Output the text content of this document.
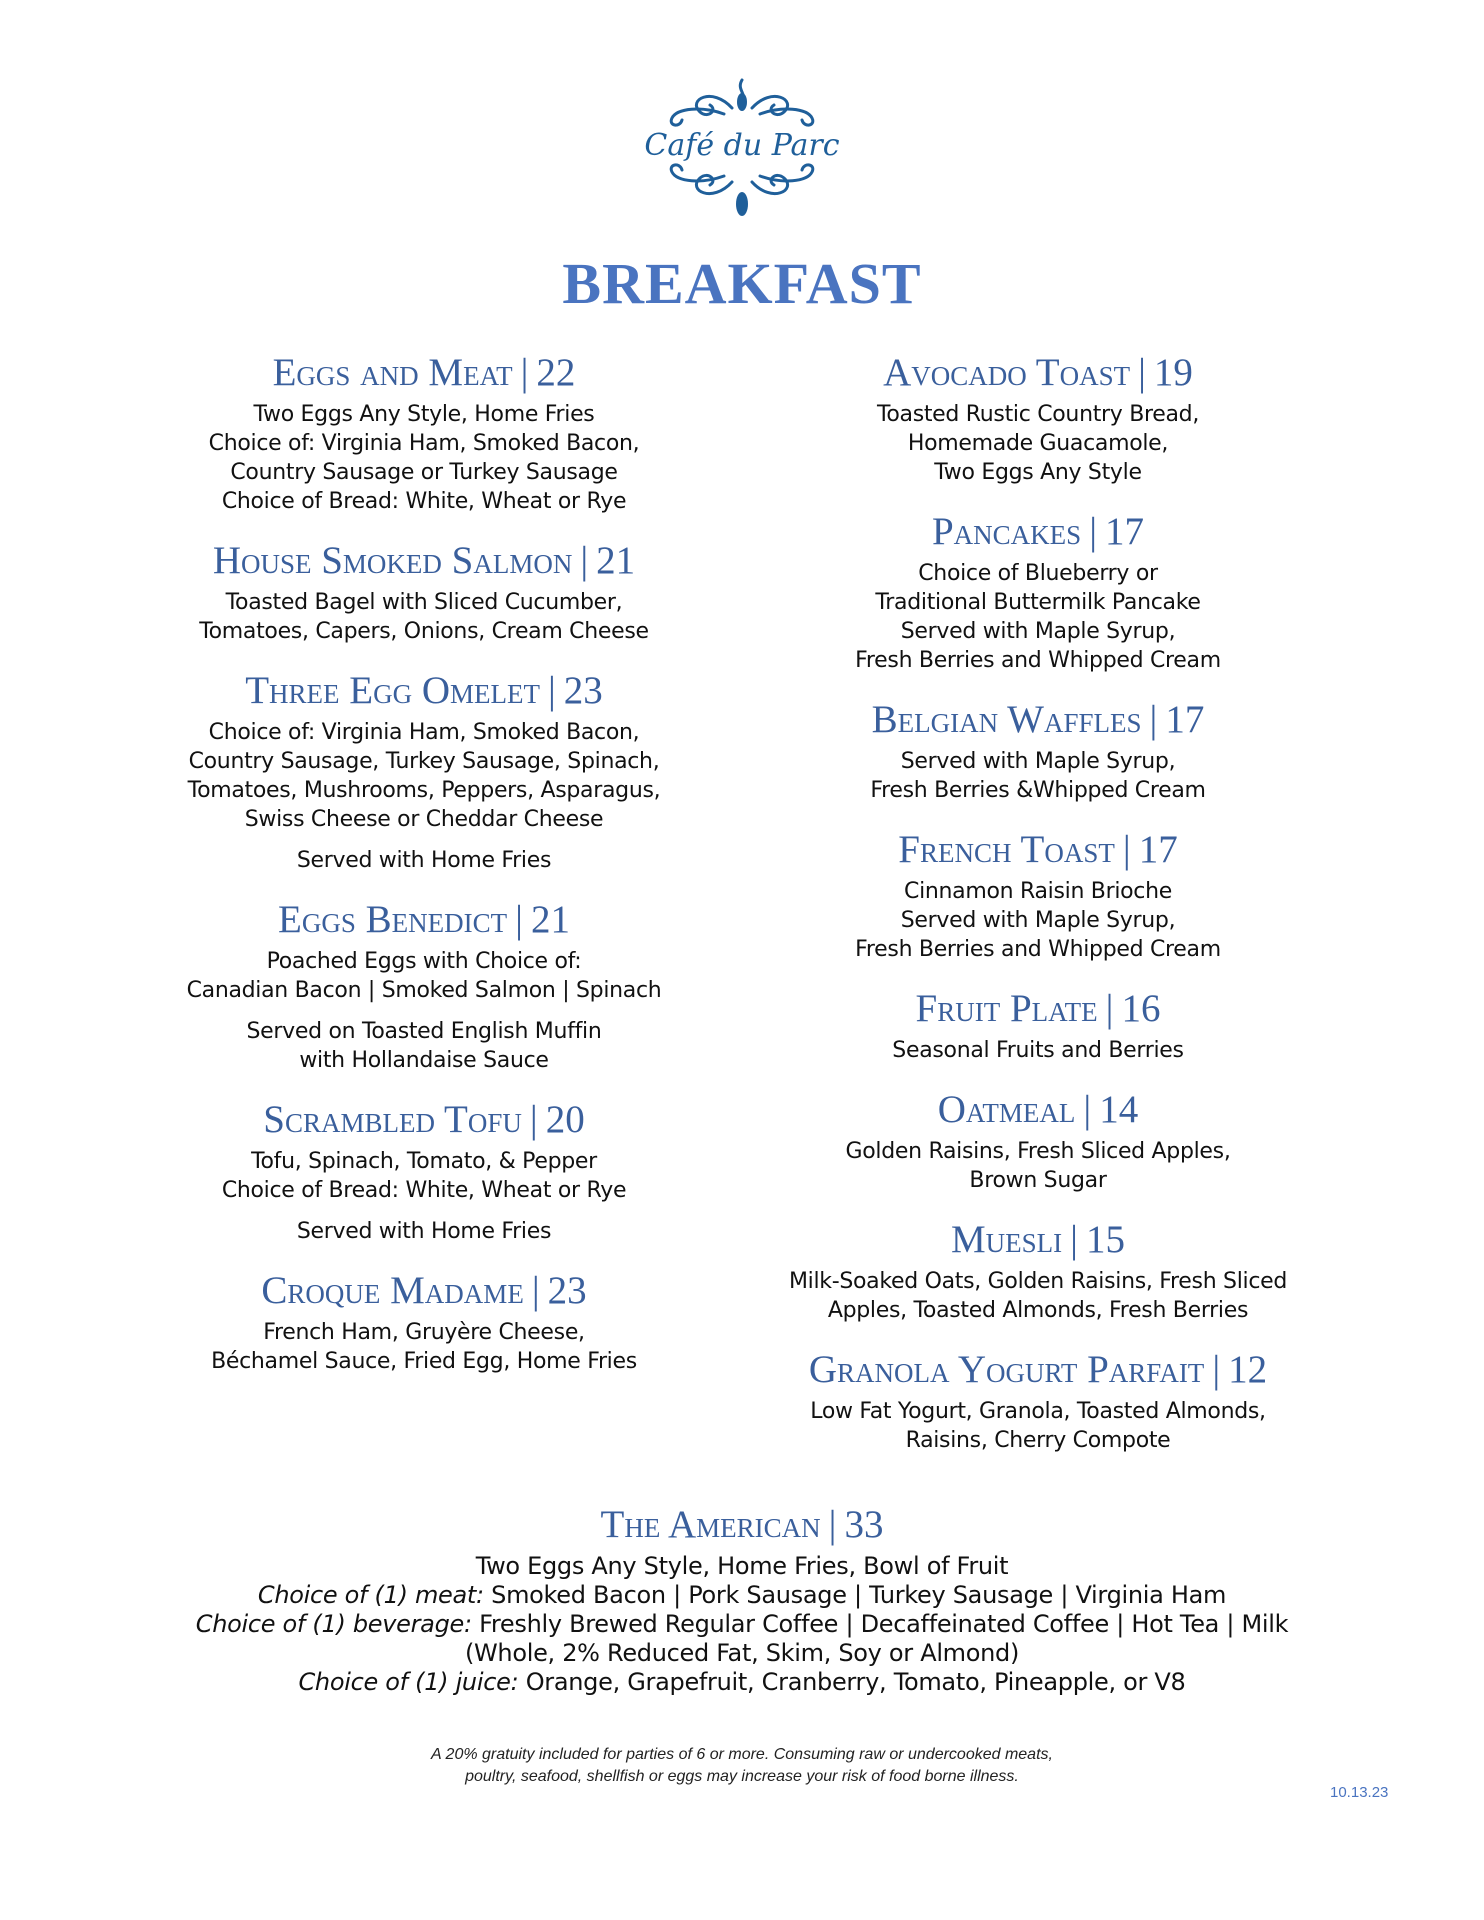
Café du Parc
BREAKFAST
Eggs and Meat | 22
Two Eggs Any Style, Home Fries
Choice of: Virginia Ham, Smoked Bacon,
Country Sausage or Turkey Sausage
Choice of Bread: White, Wheat or Rye
House Smoked Salmon | 21
Toasted Bagel with Sliced Cucumber,
Tomatoes, Capers, Onions, Cream Cheese
Three Egg Omelet | 23
Choice of: Virginia Ham, Smoked Bacon,
Country Sausage, Turkey Sausage, Spinach,
Tomatoes, Mushrooms, Peppers, Asparagus,
Swiss Cheese or Cheddar Cheese
Served with Home Fries
Eggs Benedict | 21
Poached Eggs with Choice of:
Canadian Bacon | Smoked Salmon | Spinach
Served on Toasted English Muffin
with Hollandaise Sauce
Scrambled Tofu | 20
Tofu, Spinach, Tomato, & Pepper
Choice of Bread: White, Wheat or Rye
Served with Home Fries
Croque Madame | 23
French Ham, Gruyère Cheese,
Béchamel Sauce, Fried Egg, Home Fries
Avocado Toast | 19
Toasted Rustic Country Bread,
Homemade Guacamole,
Two Eggs Any Style
Pancakes | 17
Choice of Blueberry or
Traditional Buttermilk Pancake
Served with Maple Syrup,
Fresh Berries and Whipped Cream
Belgian Waffles | 17
Served with Maple Syrup,
Fresh Berries &Whipped Cream
French Toast | 17
Cinnamon Raisin Brioche
Served with Maple Syrup,
Fresh Berries and Whipped Cream
Fruit Plate | 16
Seasonal Fruits and Berries
Oatmeal | 14
Golden Raisins, Fresh Sliced Apples,
Brown Sugar
Muesli | 15
Milk-Soaked Oats, Golden Raisins, Fresh Sliced
Apples, Toasted Almonds, Fresh Berries
Granola Yogurt Parfait | 12
Low Fat Yogurt, Granola, Toasted Almonds,
Raisins, Cherry Compote
The American | 33
Two Eggs Any Style, Home Fries, Bowl of Fruit
Choice of (1) meat: Smoked Bacon | Pork Sausage | Turkey Sausage | Virginia Ham
Choice of (1) beverage: Freshly Brewed Regular Coffee | Decaffeinated Coffee | Hot Tea | Milk
(Whole, 2% Reduced Fat, Skim, Soy or Almond)
Choice of (1) juice: Orange, Grapefruit, Cranberry, Tomato, Pineapple, or V8
A 20% gratuity included for parties of 6 or more. Consuming raw or undercooked meats,
poultry, seafood, shellfish or eggs may increase your risk of food borne illness.
10.13.23
